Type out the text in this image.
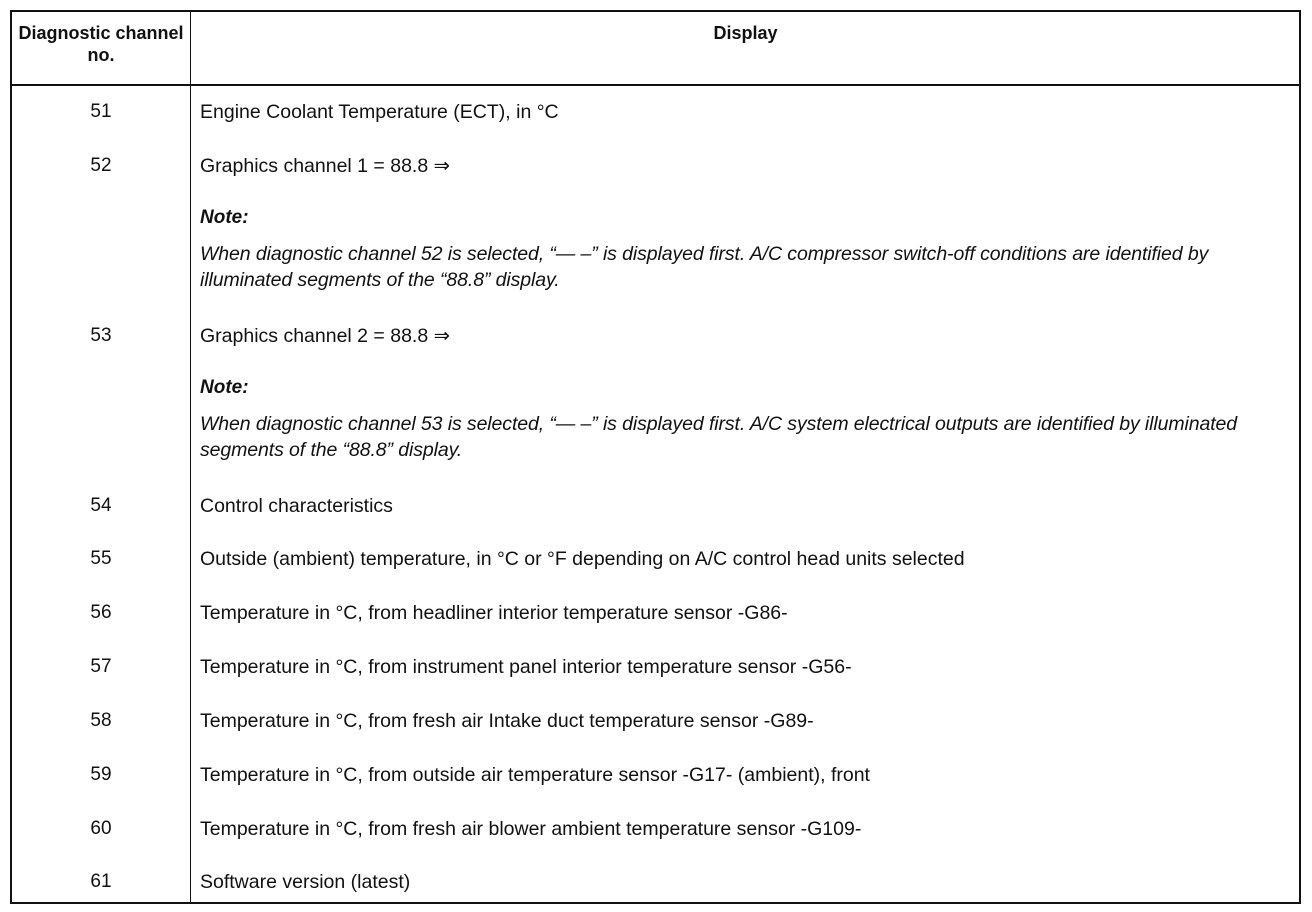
Diagnostic channel no.
Display
51	Engine Coolant Temperature (ECT), in °C
52	Graphics channel 1 = 88.8 ⇒
Note:
When diagnostic channel 52 is selected, “— –” is displayed first. A/C compressor switch-off conditions are identified by illuminated segments of the “88.8” display.
53	Graphics channel 2 = 88.8 ⇒
Note:
When diagnostic channel 53 is selected, “— –” is displayed first. A/C system electrical outputs are identified by illuminated segments of the “88.8” display.
54	Control characteristics
55	Outside (ambient) temperature, in °C or °F depending on A/C control head units selected
56	Temperature in °C, from headliner interior temperature sensor -G86-
57	Temperature in °C, from instrument panel interior temperature sensor -G56-
58	Temperature in °C, from fresh air Intake duct temperature sensor -G89-
59	Temperature in °C, from outside air temperature sensor -G17- (ambient), front
60	Temperature in °C, from fresh air blower ambient temperature sensor -G109-
61	Software version (latest)
